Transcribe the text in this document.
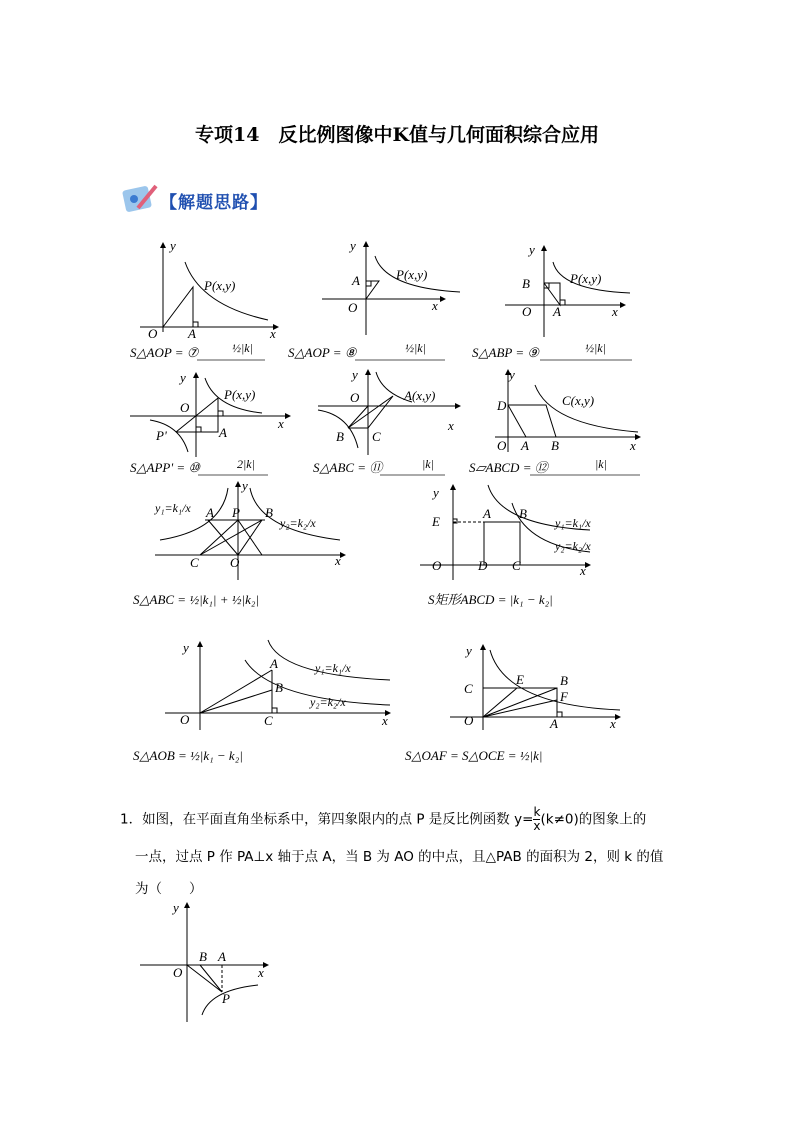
专项14　反比例图像中K值与几何面积综合应用
【解题思路】
y
P(x,y)
O A	x
y
A	P(x,y)
O	x
y
B	P(x,y)
O A	x
y
O
P(x,y)
P'	A
x
y
O	A(x,y)
B C
x
y
D	C(x,y)
O A B	x
y
y₁=k₁/x A P B
y₂=k₂/x
C O	x
y
E
A B
y₁=k₁/x
y₂=k₂/x
O	D C	x
y
A	y₁=k₁/x
B
y₂=k₂/x
O	C	x
y
C
E	B
F
O	A	x
S△AOP = ⑦	½|k|	S△AOP = ⑧	½|k|	S△ABP = ⑨	½|k|
S△APP' = ⑩	2|k|	S△ABC = ⑪	|k|	S▱ABCD = ⑫	|k|
S△ABC = ½|k₁| + ½|k₂|	S矩形ABCD = |k₁ − k₂|
S△AOB = ½|k₁ − k₂|	S△OAF = S△OCE = ½|k|
y
O
B A
x
P
1．如图，在平面直角坐标系中，第四象限内的点 P 是反比例函数 $y= \frac{k}{x} (k\ne 0)$的图象上的
一点，过点 P 作 PA⊥x 轴于点 A，当 B 为 AO 的中点，且△PAB 的面积为 2，则 k 的值
为（　　）
